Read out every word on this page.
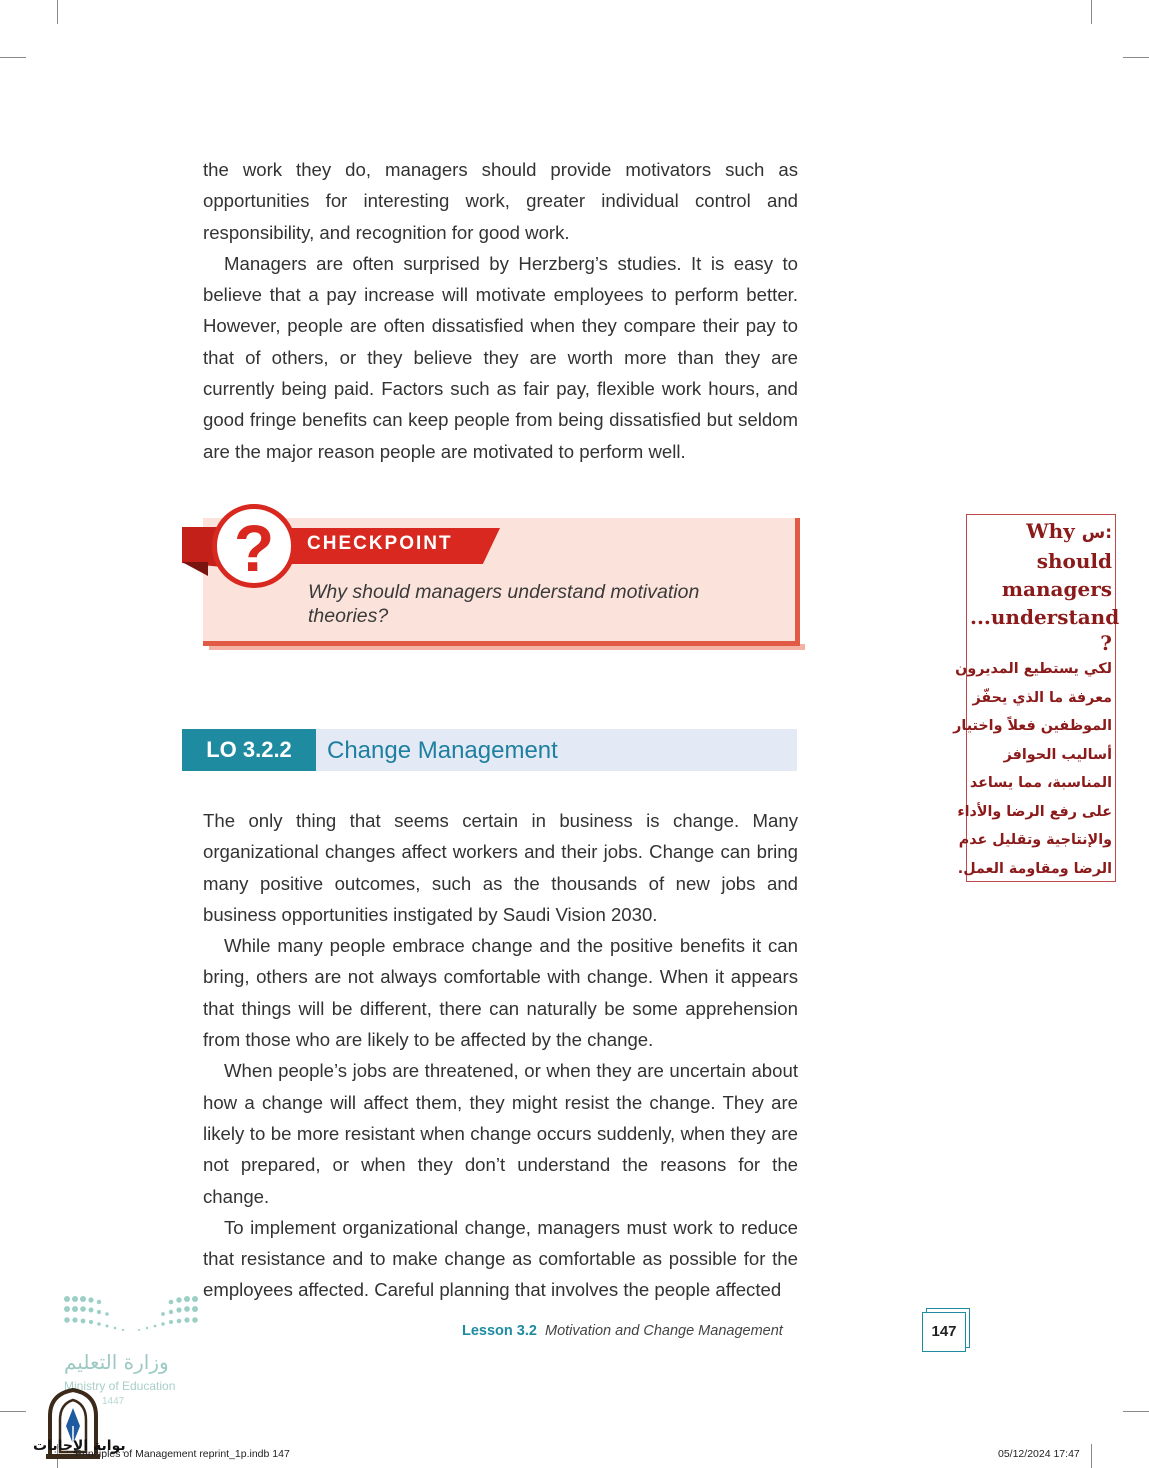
the work they do, managers should provide motivators such as opportunities for interesting work, greater individual control and responsibility, and recognition for good work.

Managers are often surprised by Herzberg’s studies. It is easy to believe that a pay increase will motivate employees to perform better. However, people are often dissatisfied when they compare their pay to that of others, or they believe they are worth more than they are currently being paid. Factors such as fair pay, flexible work hours, and good fringe benefits can keep people from being dissatisfied but seldom are the major reason people are motivated to perform well.

CHECKPOINT
?
Why should managers understand motivation theories?
LO 3.2.2	Change Management

The only thing that seems certain in business is change. Many organizational changes affect workers and their jobs. Change can bring many positive outcomes, such as the thousands of new jobs and business opportunities instigated by Saudi Vision 2030.

While many people embrace change and the positive benefits it can bring, others are not always comfortable with change. When it appears that things will be different, there can naturally be some apprehension from those who are likely to be affected by the change.

When people’s jobs are threatened, or when they are uncertain about how a change will affect them, they might resist the change. They are likely to be more resistant when change occurs suddenly, when they are not prepared, or when they don’t understand the reasons for the change.

To implement organizational change, managers must work to reduce that resistance and to make change as comfortable as possible for the employees affected. Careful planning that involves the people affected

Why س:
should
managers
...understand
?
لكي يستطيع المديرون
معرفة ما الذي يحفّز
الموظفين فعلاً واختيار
أساليب الحوافز
المناسبة، مما يساعد
على رفع الرضا والأداء
والإنتاجية وتقليل عدم
الرضا ومقاومة العمل.
Lesson 3.2 Motivation and Change Management	147
وزارة التعليم
Ministry of Education
1447
بوابة الإجابات
Principles of Management reprint_1p.indb 147	05/12/2024 17:47
